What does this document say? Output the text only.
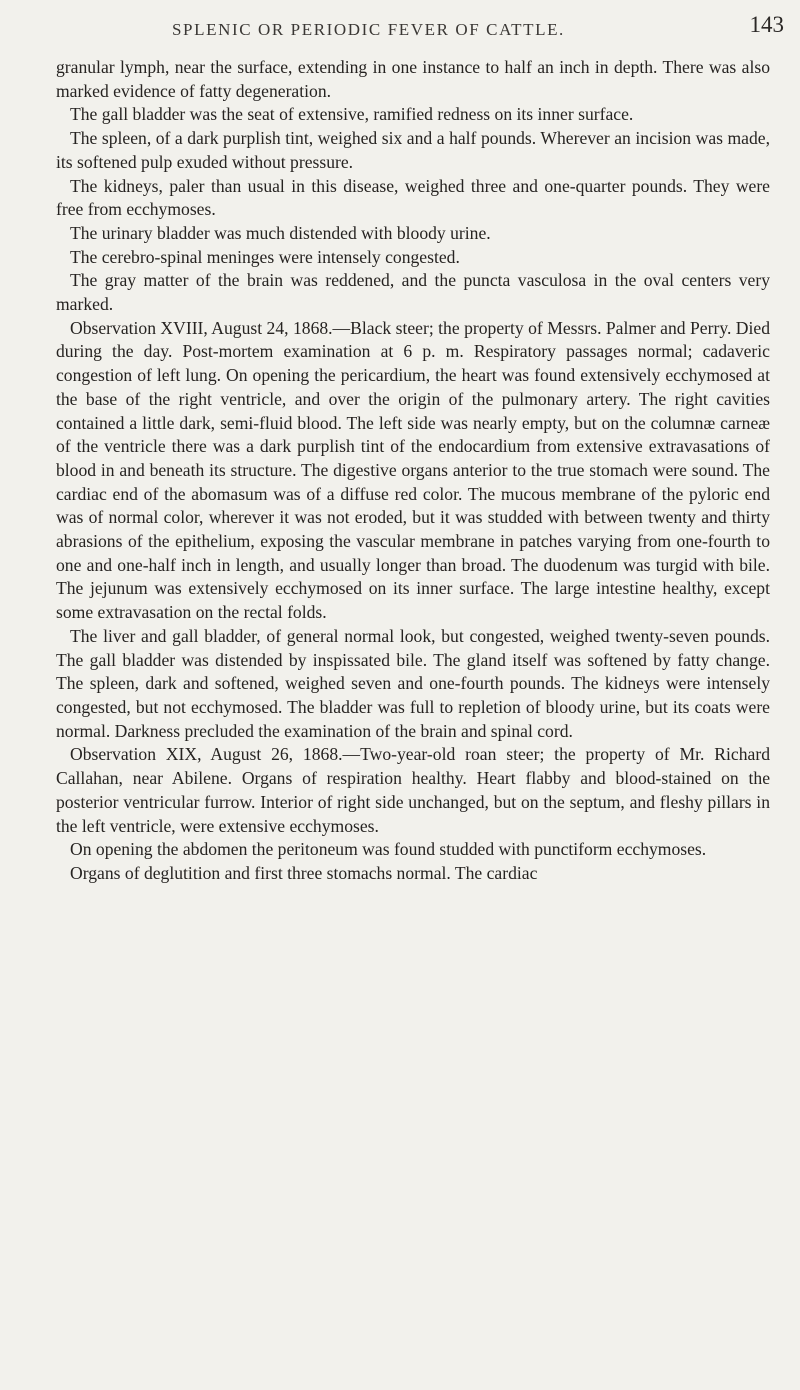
SPLENIC OR PERIODIC FEVER OF CATTLE.	143

granular lymph, near the surface, extending in one instance to half an inch in depth. There was also marked evidence of fatty degeneration.

The gall bladder was the seat of extensive, ramified redness on its inner surface.

The spleen, of a dark purplish tint, weighed six and a half pounds. Wherever an incision was made, its softened pulp exuded without pressure.

The kidneys, paler than usual in this disease, weighed three and one-quarter pounds. They were free from ecchymoses.

The urinary bladder was much distended with bloody urine.

The cerebro-spinal meninges were intensely congested.

The gray matter of the brain was reddened, and the puncta vasculosa in the oval centers very marked.

Observation XVIII, August 24, 1868.—Black steer; the property of Messrs. Palmer and Perry. Died during the day. Post-mortem examination at 6 p. m. Respiratory passages normal; cadaveric congestion of left lung. On opening the pericardium, the heart was found extensively ecchymosed at the base of the right ventricle, and over the origin of the pulmonary artery. The right cavities contained a little dark, semi-fluid blood. The left side was nearly empty, but on the columnæ carneæ of the ventricle there was a dark purplish tint of the endocardium from extensive extravasations of blood in and beneath its structure. The digestive organs anterior to the true stomach were sound. The cardiac end of the abomasum was of a diffuse red color. The mucous membrane of the pyloric end was of normal color, wherever it was not eroded, but it was studded with between twenty and thirty abrasions of the epithelium, exposing the vascular membrane in patches varying from one-fourth to one and one-half inch in length, and usually longer than broad. The duodenum was turgid with bile. The jejunum was extensively ecchymosed on its inner surface. The large intestine healthy, except some extravasation on the rectal folds.

The liver and gall bladder, of general normal look, but congested, weighed twenty-seven pounds. The gall bladder was distended by inspissated bile. The gland itself was softened by fatty change. The spleen, dark and softened, weighed seven and one-fourth pounds. The kidneys were intensely congested, but not ecchymosed. The bladder was full to repletion of bloody urine, but its coats were normal. Darkness precluded the examination of the brain and spinal cord.

Observation XIX, August 26, 1868.—Two-year-old roan steer; the property of Mr. Richard Callahan, near Abilene. Organs of respiration healthy. Heart flabby and blood-stained on the posterior ventricular furrow. Interior of right side unchanged, but on the septum, and fleshy pillars in the left ventricle, were extensive ecchymoses.

On opening the abdomen the peritoneum was found studded with punctiform ecchymoses.

Organs of deglutition and first three stomachs normal. The cardiac
